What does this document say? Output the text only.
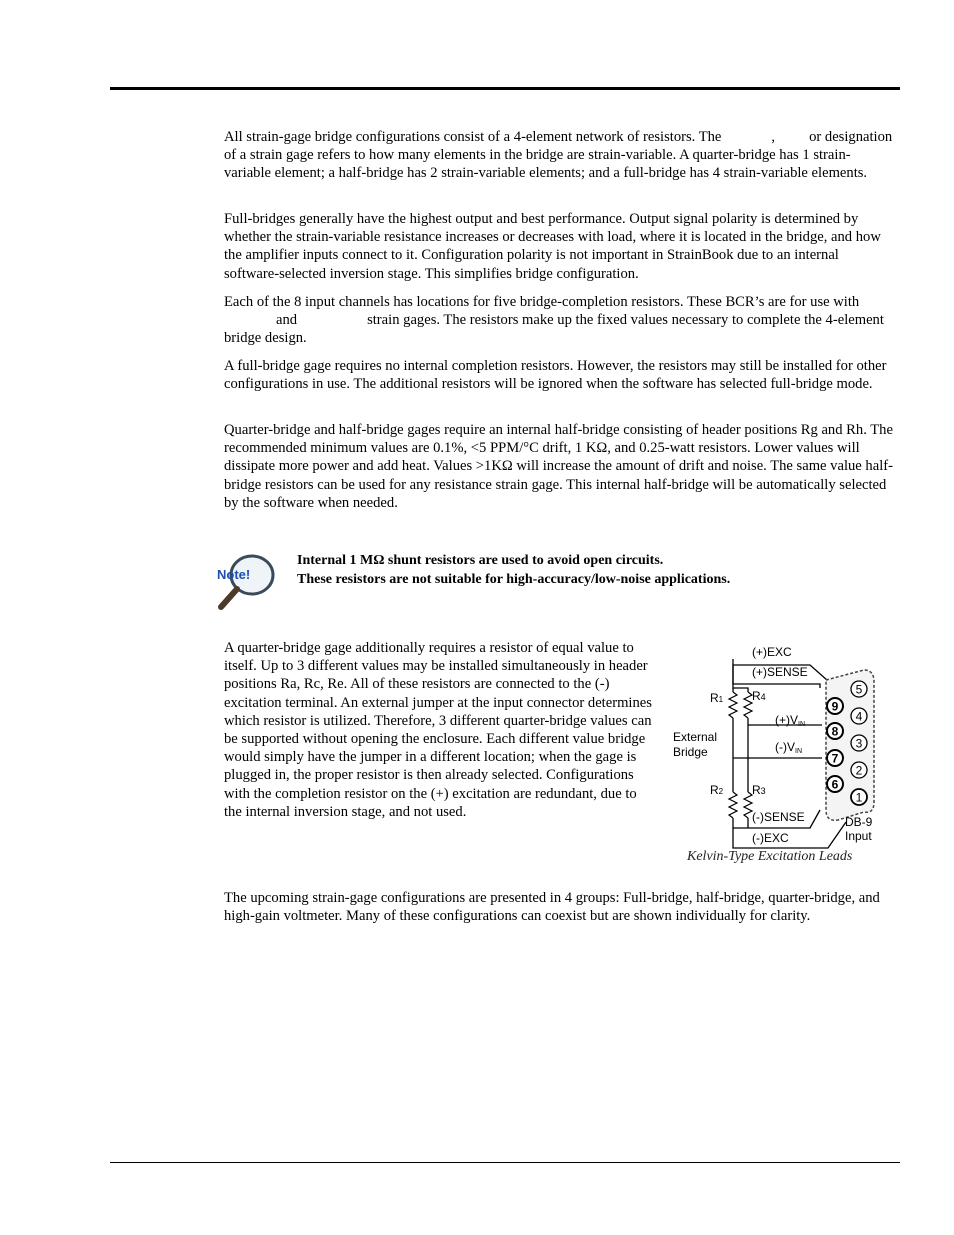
All strain-gage bridge configurations consist of a 4-element network of resistors. The	, or designation of a strain gage refers to how many elements in the bridge are strain-variable. A quarter-bridge has 1 strain-variable element; a half-bridge has 2 strain-variable elements; and a full-bridge has 4 strain-variable elements.

Full-bridges generally have the highest output and best performance. Output signal polarity is determined by whether the strain-variable resistance increases or decreases with load, where it is located in the bridge, and how the amplifier inputs connect to it. Configuration polarity is not important in StrainBook due to an internal software-selected inversion stage. This simplifies bridge configuration.

Each of the 8 input channels has locations for five bridge-completion resistors. These BCR’s are for use withand	strain gages. The resistors make up the fixed values necessary to complete the 4-element bridge design.

A full-bridge gage requires no internal completion resistors. However, the resistors may still be installed for other configurations in use. The additional resistors will be ignored when the software has selected full-bridge mode.

Quarter-bridge and half-bridge gages require an internal half-bridge consisting of header positions Rg and Rh. The recommended minimum values are 0.1%, <5 PPM/°C drift, 1 KΩ, and 0.25-watt resistors. Lower values will dissipate more power and add heat. Values >1KΩ will increase the amount of drift and noise. The same value half-bridge resistors can be used for any resistance strain gage. This internal half-bridge will be automatically selected by the software when needed.

Note!
Internal 1 MΩ shunt resistors are used to avoid open circuits.
These resistors are not suitable for high-accuracy/low-noise applications.

A quarter-bridge gage additionally requires a resistor of equal value to itself. Up to 3 different values may be installed simultaneously in header positions Ra, Rc, Re. All of these resistors are connected to the (-) excitation terminal. An external jumper at the input connector determines which resistor is utilized. Therefore, 3 different quarter-bridge values can be supported without opening the enclosure. Each different value bridge would simply have the jumper in a different location; when the gage is plugged in, the proper resistor is then already selected. Configurations with the completion resistor on the (+) excitation are redundant, due to the internal inversion stage, and not used.

9
8
7
6
5
4
3
2
1
(+)EXC
(+)SENSE
(-)SENSE
(-)EXC
(+)VIN
(-)VIN
R1 R4
R2 R3
External
Bridge
DB-9
Input
Kelvin-Type Excitation Leads

The upcoming strain-gage configurations are presented in 4 groups: Full-bridge, half-bridge, quarter-bridge, and high-gain voltmeter. Many of these configurations can coexist but are shown individually for clarity.
